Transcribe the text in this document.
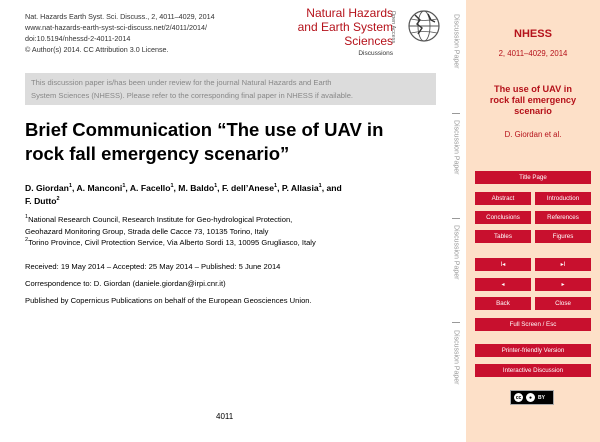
Nat. Hazards Earth Syst. Sci. Discuss., 2, 4011–4029, 2014
www.nat-hazards-earth-syst-sci-discuss.net/2/4011/2014/
doi:10.5194/nhessd-2-4011-2014
© Author(s) 2014. CC Attribution 3.0 License.
Natural Hazards
and Earth System
Sciences
Discussions
Open Access
This discussion paper is/has been under review for the journal Natural Hazards and Earth
System Sciences (NHESS). Please refer to the corresponding final paper in NHESS if available.
Brief Communication “The use of UAV in
rock fall emergency scenario”
D. Giordan$^1$, A. Manconi$^1$, A. Facello$^1$, M. Baldo$^1$, F. dell’Anese$^1$, P. Allasia$^1$, and
F. Dutto$^2$
$^1$National Research Council, Research Institute for Geo-hydrological Protection,
Geohazard Monitoring Group, Strada delle Cacce 73, 10135 Torino, Italy
$^2$Torino Province, Civil Protection Service, Via Alberto Sordi 13, 10095 Grugliasco, Italy
Received: 19 May 2014 – Accepted: 25 May 2014 – Published: 5 June 2014
Correspondence to: D. Giordan (daniele.giordan@irpi.cnr.it)
Published by Copernicus Publications on behalf of the European Geosciences Union.
4011
Discussion Paper
Discussion Paper
Discussion Paper
Discussion Paper
NHESS
2, 4011–4029, 2014
The use of UAV in
rock fall emergency
scenario
D. Giordan et al.
Title Page
Abstract	Introduction
Conclusions	References
Tables	Figures
I◂	▸I
◂	▸
Back	Close
Full Screen / Esc
Printer-friendly Version
Interactive Discussion
cc	●	BY
